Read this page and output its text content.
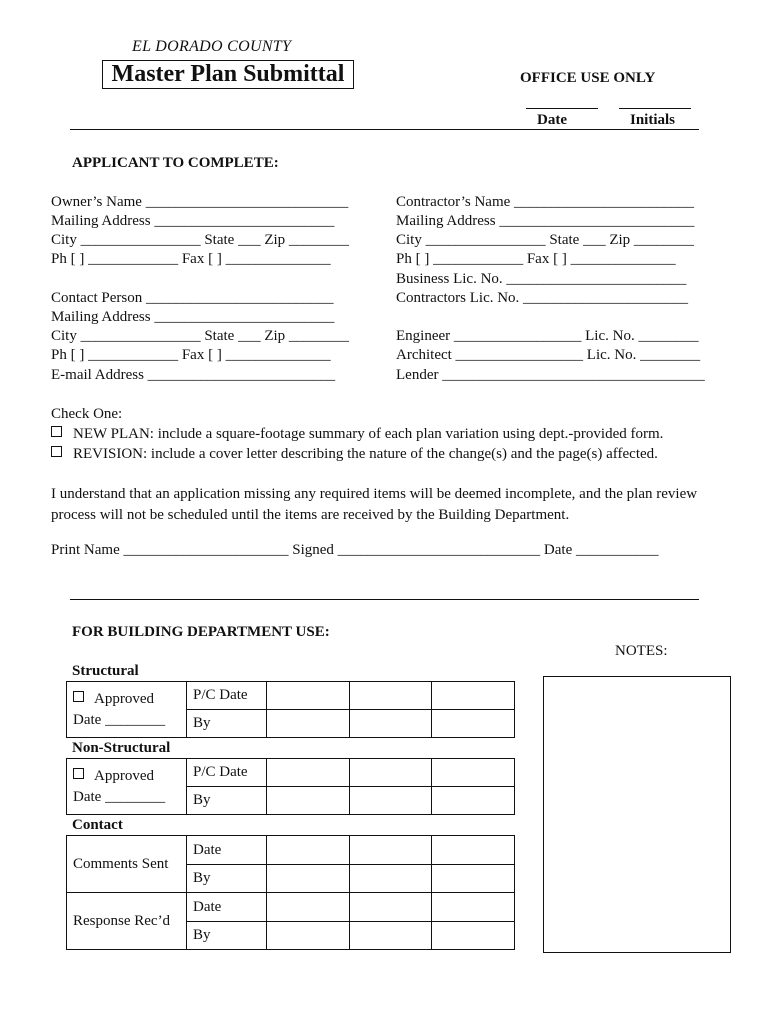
EL DORADO COUNTY
Master Plan Submittal	OFFICE USE ONLY
Date	Initials
APPLICANT TO COMPLETE:
Owner’s Name ___________________________
Mailing Address ________________________
City ________________ State ___ Zip ________
Ph [ ] ____________ Fax [ ] ______________
Contact Person _________________________
Mailing Address ________________________
City ________________ State ___ Zip ________
Ph [ ] ____________ Fax [ ] ______________
E-mail Address _________________________
Contractor’s Name ________________________
Mailing Address __________________________
City ________________ State ___ Zip ________
Ph [ ] ____________ Fax [ ] ______________
Business Lic. No. ________________________
Contractors Lic. No. ______________________
Engineer _________________ Lic. No. ________
Architect _________________ Lic. No. ________
Lender ___________________________________
Check One:
NEW PLAN: include a square-footage summary of each plan variation using dept.-provided form.
REVISION: include a cover letter describing the nature of the change(s) and the page(s) affected.
I understand that an application missing any required items will be deemed incomplete, and the plan review process will not be scheduled until the items are received by the Building Department.
Print Name ______________________ Signed ___________________________ Date ___________
FOR BUILDING DEPARTMENT USE:
NOTES:
Structural
Approved
Date ________	P/C Date			
	By			
Non-Structural
Approved
Date ________	P/C Date			
	By			
Contact
Comments Sent	Date			
	By			
Response Rec’d	Date			
	By			
